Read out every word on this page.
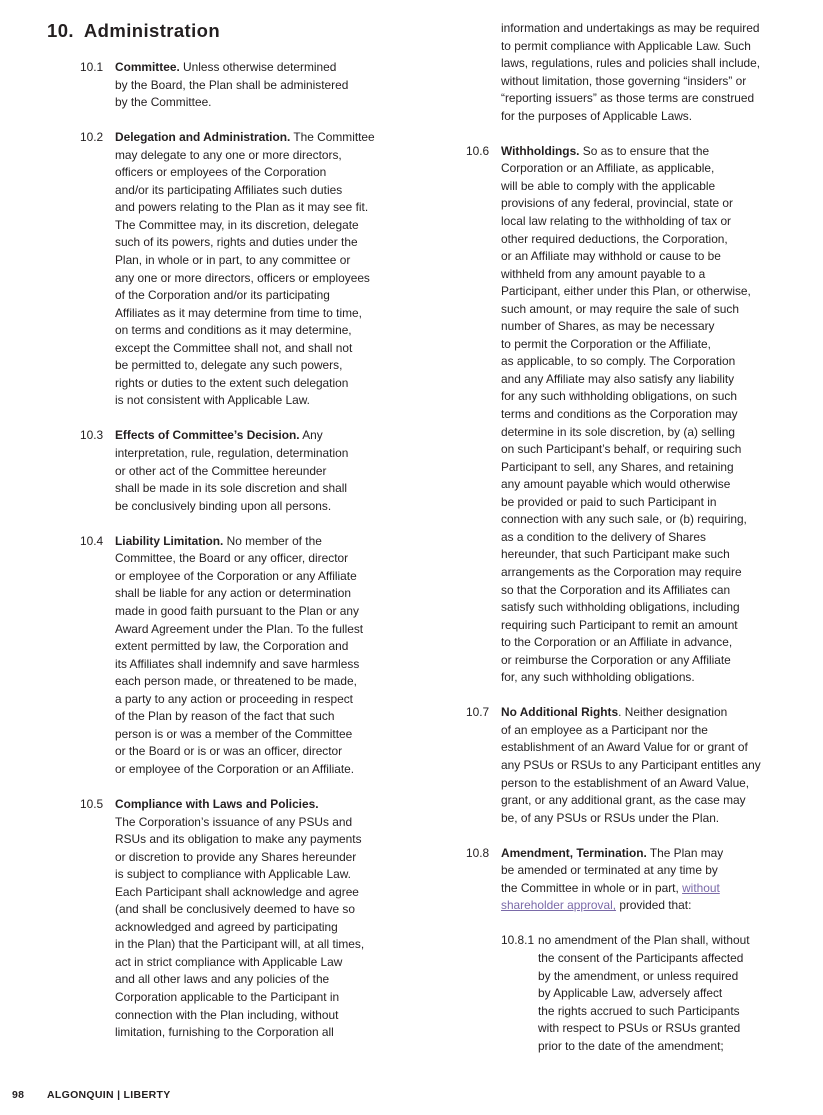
10. Administration
10.1 Committee. Unless otherwise determined
by the Board, the Plan shall be administered
by the Committee.
10.2 Delegation and Administration. The Committee
may delegate to any one or more directors,
officers or employees of the Corporation
and/or its participating Affiliates such duties
and powers relating to the Plan as it may see fit.
The Committee may, in its discretion, delegate
such of its powers, rights and duties under the
Plan, in whole or in part, to any committee or
any one or more directors, officers or employees
of the Corporation and/or its participating
Affiliates as it may determine from time to time,
on terms and conditions as it may determine,
except the Committee shall not, and shall not
be permitted to, delegate any such powers,
rights or duties to the extent such delegation
is not consistent with Applicable Law.
10.3 Effects of Committee’s Decision. Any
interpretation, rule, regulation, determination
or other act of the Committee hereunder
shall be made in its sole discretion and shall
be conclusively binding upon all persons.
10.4 Liability Limitation. No member of the
Committee, the Board or any officer, director
or employee of the Corporation or any Affiliate
shall be liable for any action or determination
made in good faith pursuant to the Plan or any
Award Agreement under the Plan. To the fullest
extent permitted by law, the Corporation and
its Affiliates shall indemnify and save harmless
each person made, or threatened to be made,
a party to any action or proceeding in respect
of the Plan by reason of the fact that such
person is or was a member of the Committee
or the Board or is or was an officer, director
or employee of the Corporation or an Affiliate.
10.5 Compliance with Laws and Policies.
The Corporation’s issuance of any PSUs and
RSUs and its obligation to make any payments
or discretion to provide any Shares hereunder
is subject to compliance with Applicable Law.
Each Participant shall acknowledge and agree
(and shall be conclusively deemed to have so
acknowledged and agreed by participating
in the Plan) that the Participant will, at all times,
act in strict compliance with Applicable Law
and all other laws and any policies of the
Corporation applicable to the Participant in
connection with the Plan including, without
limitation, furnishing to the Corporation all
information and undertakings as may be required
to permit compliance with Applicable Law. Such
laws, regulations, rules and policies shall include,
without limitation, those governing “insiders” or
“reporting issuers” as those terms are construed
for the purposes of Applicable Laws.
10.6 Withholdings. So as to ensure that the
Corporation or an Affiliate, as applicable,
will be able to comply with the applicable
provisions of any federal, provincial, state or
local law relating to the withholding of tax or
other required deductions, the Corporation,
or an Affiliate may withhold or cause to be
withheld from any amount payable to a
Participant, either under this Plan, or otherwise,
such amount, or may require the sale of such
number of Shares, as may be necessary
to permit the Corporation or the Affiliate,
as applicable, to so comply. The Corporation
and any Affiliate may also satisfy any liability
for any such withholding obligations, on such
terms and conditions as the Corporation may
determine in its sole discretion, by (a) selling
on such Participant’s behalf, or requiring such
Participant to sell, any Shares, and retaining
any amount payable which would otherwise
be provided or paid to such Participant in
connection with any such sale, or (b) requiring,
as a condition to the delivery of Shares
hereunder, that such Participant make such
arrangements as the Corporation may require
so that the Corporation and its Affiliates can
satisfy such withholding obligations, including
requiring such Participant to remit an amount
to the Corporation or an Affiliate in advance,
or reimburse the Corporation or any Affiliate
for, any such withholding obligations.
10.7 No Additional Rights. Neither designation
of an employee as a Participant nor the
establishment of an Award Value for or grant of
any PSUs or RSUs to any Participant entitles any
person to the establishment of an Award Value,
grant, or any additional grant, as the case may
be, of any PSUs or RSUs under the Plan.
10.8 Amendment, Termination. The Plan may
be amended or terminated at any time by
the Committee in whole or in part, without
shareholder approval, provided that:
10.8.1 no amendment of the Plan shall, without
the consent of the Participants affected
by the amendment, or unless required
by Applicable Law, adversely affect
the rights accrued to such Participants
with respect to PSUs or RSUs granted
prior to the date of the amendment;
98 ALGONQUIN | LIBERTY
